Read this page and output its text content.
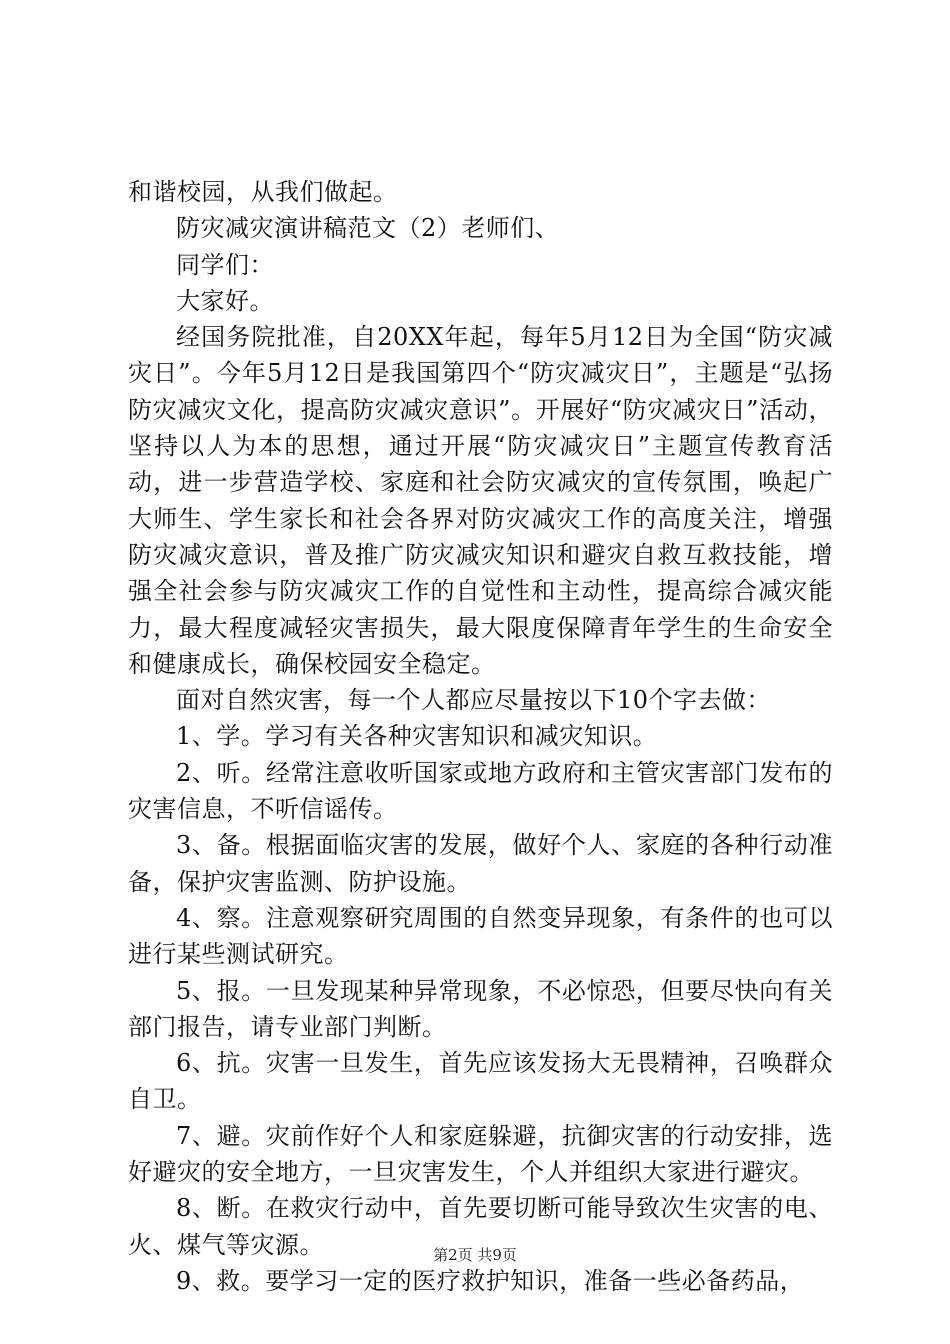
和谐校园，从我们做起。

防灾减灾演讲稿范文（2）老师们、

同学们：

大家好。

经国务院批准，自20XX年起，每年5月12日为全国“防灾减灾日”。今年5月12日是我国第四个“防灾减灾日”，主题是“弘扬防灾减灾文化，提高防灾减灾意识”。开展好“防灾减灾日”活动，坚持以人为本的思想，通过开展“防灾减灾日”主题宣传教育活动，进一步营造学校、家庭和社会防灾减灾的宣传氛围，唤起广大师生、学生家长和社会各界对防灾减灾工作的高度关注，增强防灾减灾意识，普及推广防灾减灾知识和避灾自救互救技能，增强全社会参与防灾减灾工作的自觉性和主动性，提高综合减灾能力，最大程度减轻灾害损失，最大限度保障青年学生的生命安全和健康成长，确保校园安全稳定。

面对自然灾害，每一个人都应尽量按以下10个字去做：

1、学。学习有关各种灾害知识和减灾知识。

2、听。经常注意收听国家或地方政府和主管灾害部门发布的灾害信息，不听信谣传。

3、备。根据面临灾害的发展，做好个人、家庭的各种行动准备，保护灾害监测、防护设施。

4、察。注意观察研究周围的自然变异现象，有条件的也可以进行某些测试研究。

5、报。一旦发现某种异常现象，不必惊恐，但要尽快向有关部门报告，请专业部门判断。

6、抗。灾害一旦发生，首先应该发扬大无畏精神，召唤群众自卫。

7、避。灾前作好个人和家庭躲避，抗御灾害的行动安排，选好避灾的安全地方，一旦灾害发生，个人并组织大家进行避灾。

8、断。在救灾行动中，首先要切断可能导致次生灾害的电、火、煤气等灾源。

9、救。要学习一定的医疗救护知识，准备一些必备药品，

第2页 共9页
